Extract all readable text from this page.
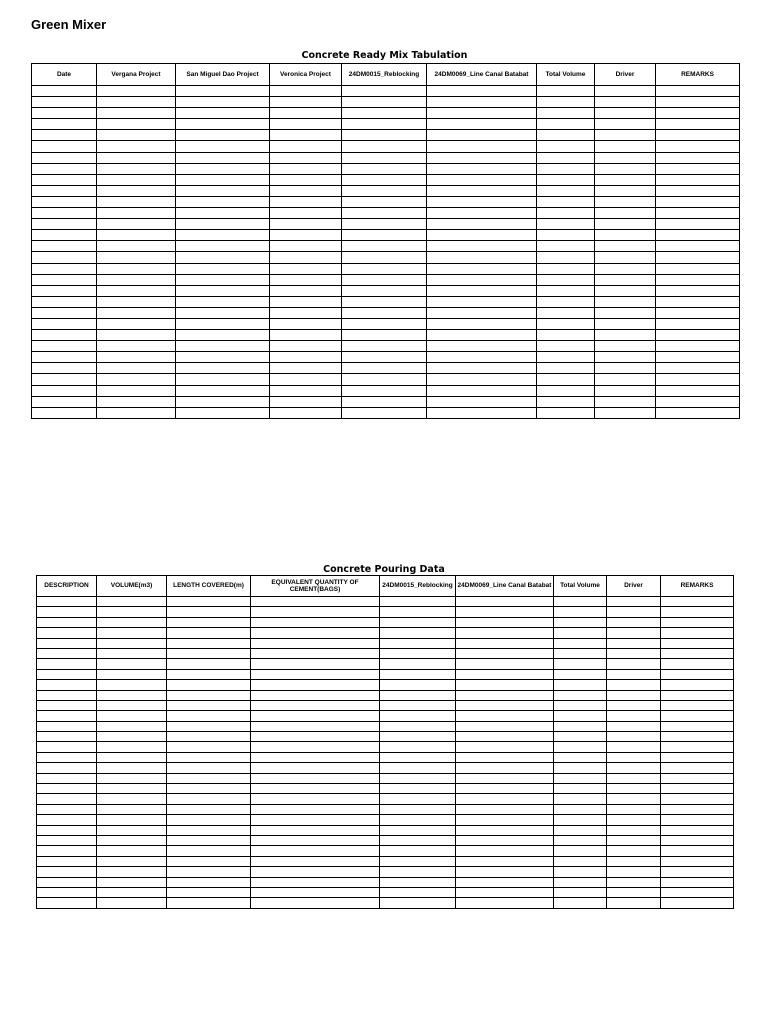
Green Mixer
Concrete Ready Mix Tabulation
Date	Vergana Project	San Miguel Dao Project	Veronica Project	24DM0015_Reblocking	24DM0069_Line Canal Batabat	Total Volume	Driver	REMARKS

Concrete Pouring Data
DESCRIPTION	VOLUME(m3)	LENGTH COVERED(m)	EQUIVALENT QUANTITY OF CEMENT(BAGS)	24DM0015_Reblocking	24DM0069_Line Canal Batabat	Total Volume	Driver	REMARKS
